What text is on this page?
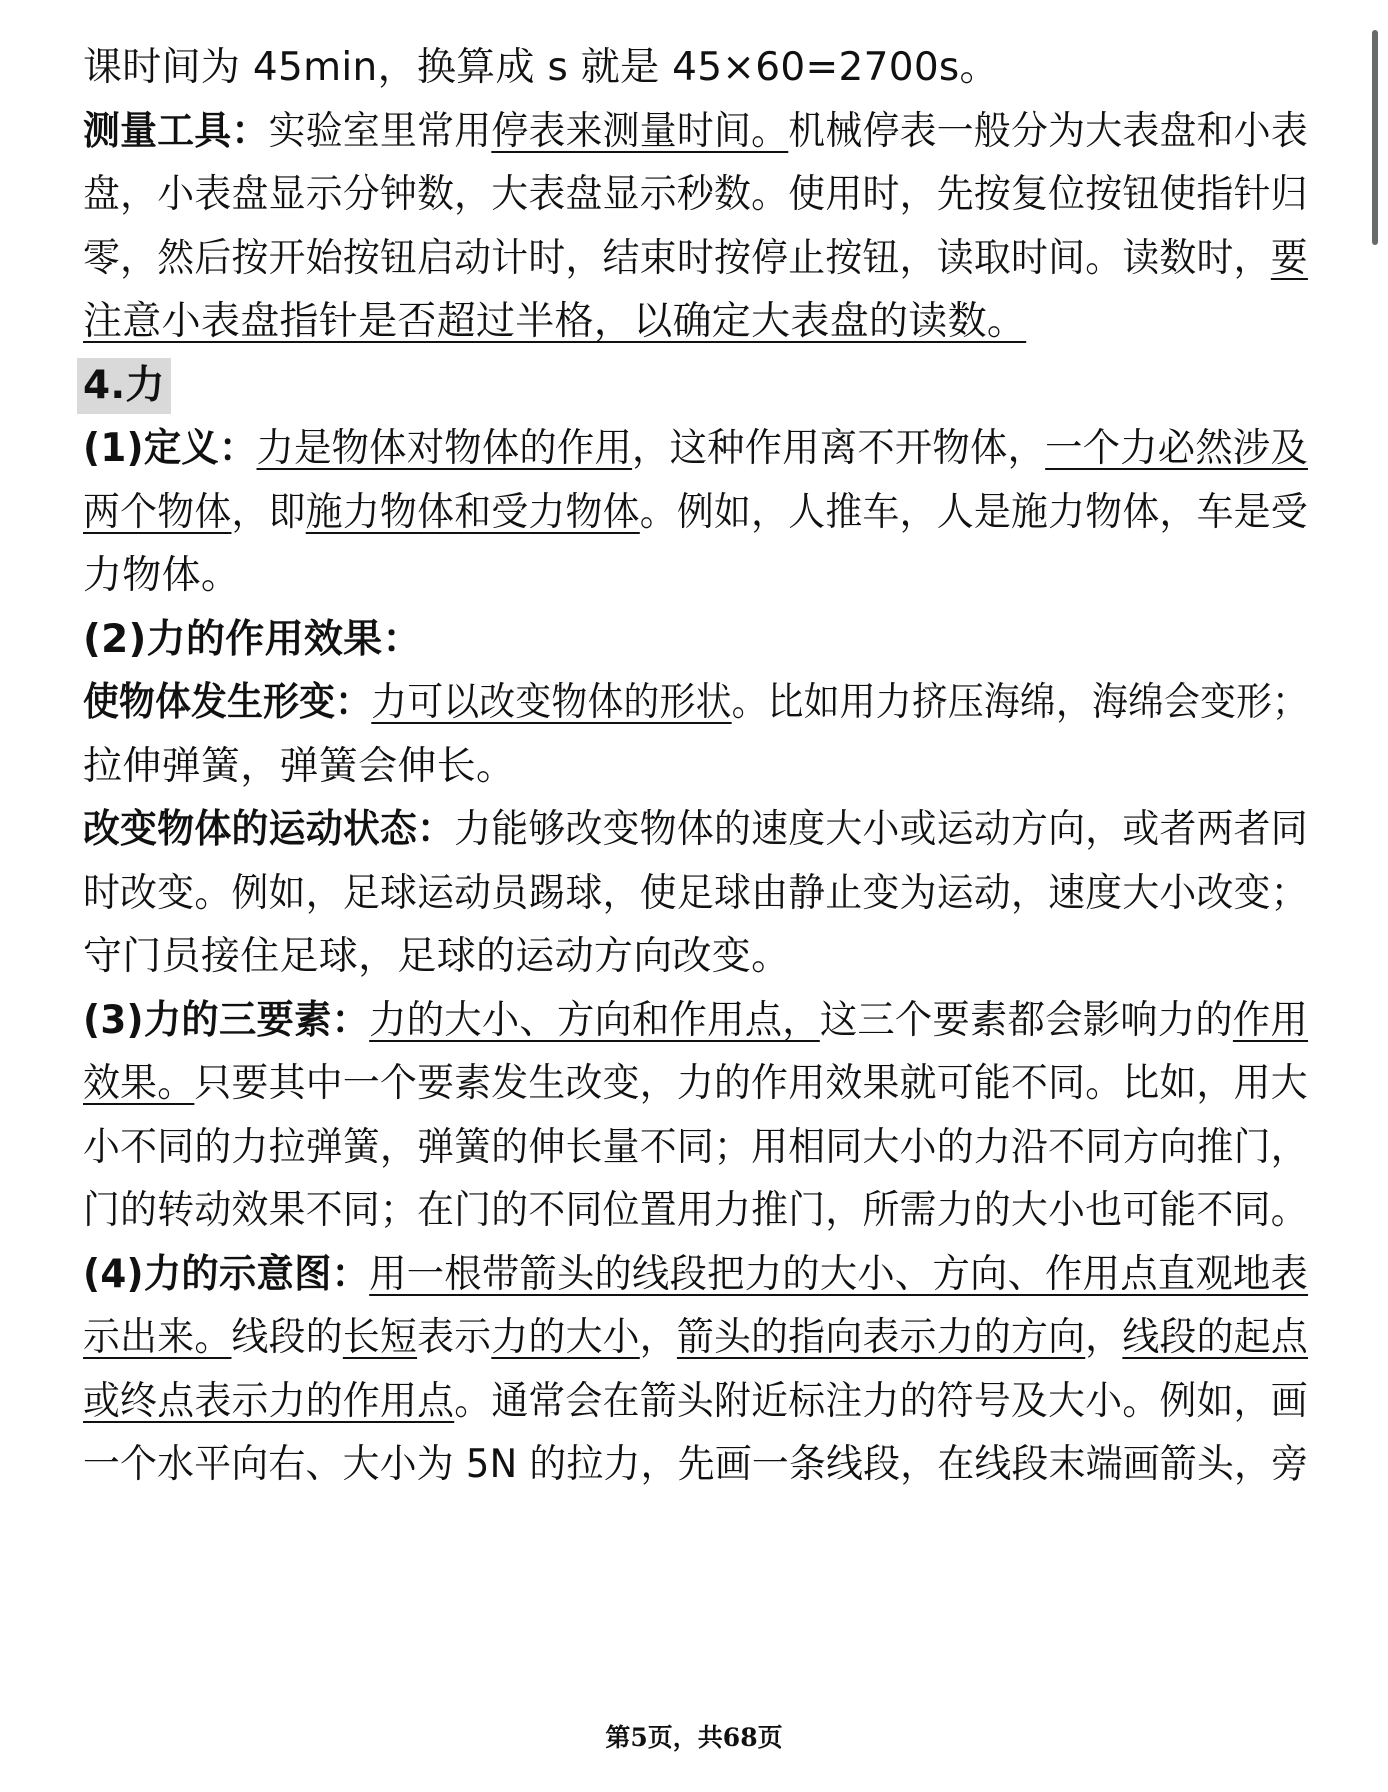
课时间为 45min，换算成 s 就是 45×60=2700s。
测量工具：实验室里常用停表来测量时间。机械停表一般分为大表盘和小表
盘，小表盘显示分钟数，大表盘显示秒数。使用时，先按复位按钮使指针归
零，然后按开始按钮启动计时，结束时按停止按钮，读取时间。读数时，要
注意小表盘指针是否超过半格，以确定大表盘的读数。
4.力
(1)定义：力是物体对物体的作用，这种作用离不开物体，一个力必然涉及
两个物体，即施力物体和受力物体。例如，人推车，人是施力物体，车是受
力物体。
(2)力的作用效果：
使物体发生形变：力可以改变物体的形状。比如用力挤压海绵，海绵会变形；
拉伸弹簧，弹簧会伸长。
改变物体的运动状态：力能够改变物体的速度大小或运动方向，或者两者同
时改变。例如，足球运动员踢球，使足球由静止变为运动，速度大小改变；
守门员接住足球，足球的运动方向改变。
(3)力的三要素：力的大小、方向和作用点，这三个要素都会影响力的作用
效果。只要其中一个要素发生改变，力的作用效果就可能不同。比如，用大
小不同的力拉弹簧，弹簧的伸长量不同；用相同大小的力沿不同方向推门，
门的转动效果不同；在门的不同位置用力推门，所需力的大小也可能不同。
(4)力的示意图：用一根带箭头的线段把力的大小、方向、作用点直观地表
示出来。线段的长短表示力的大小，箭头的指向表示力的方向，线段的起点
或终点表示力的作用点。通常会在箭头附近标注力的符号及大小。例如，画
一个水平向右、大小为 5N 的拉力，先画一条线段，在线段末端画箭头，旁
第5页，共68页
